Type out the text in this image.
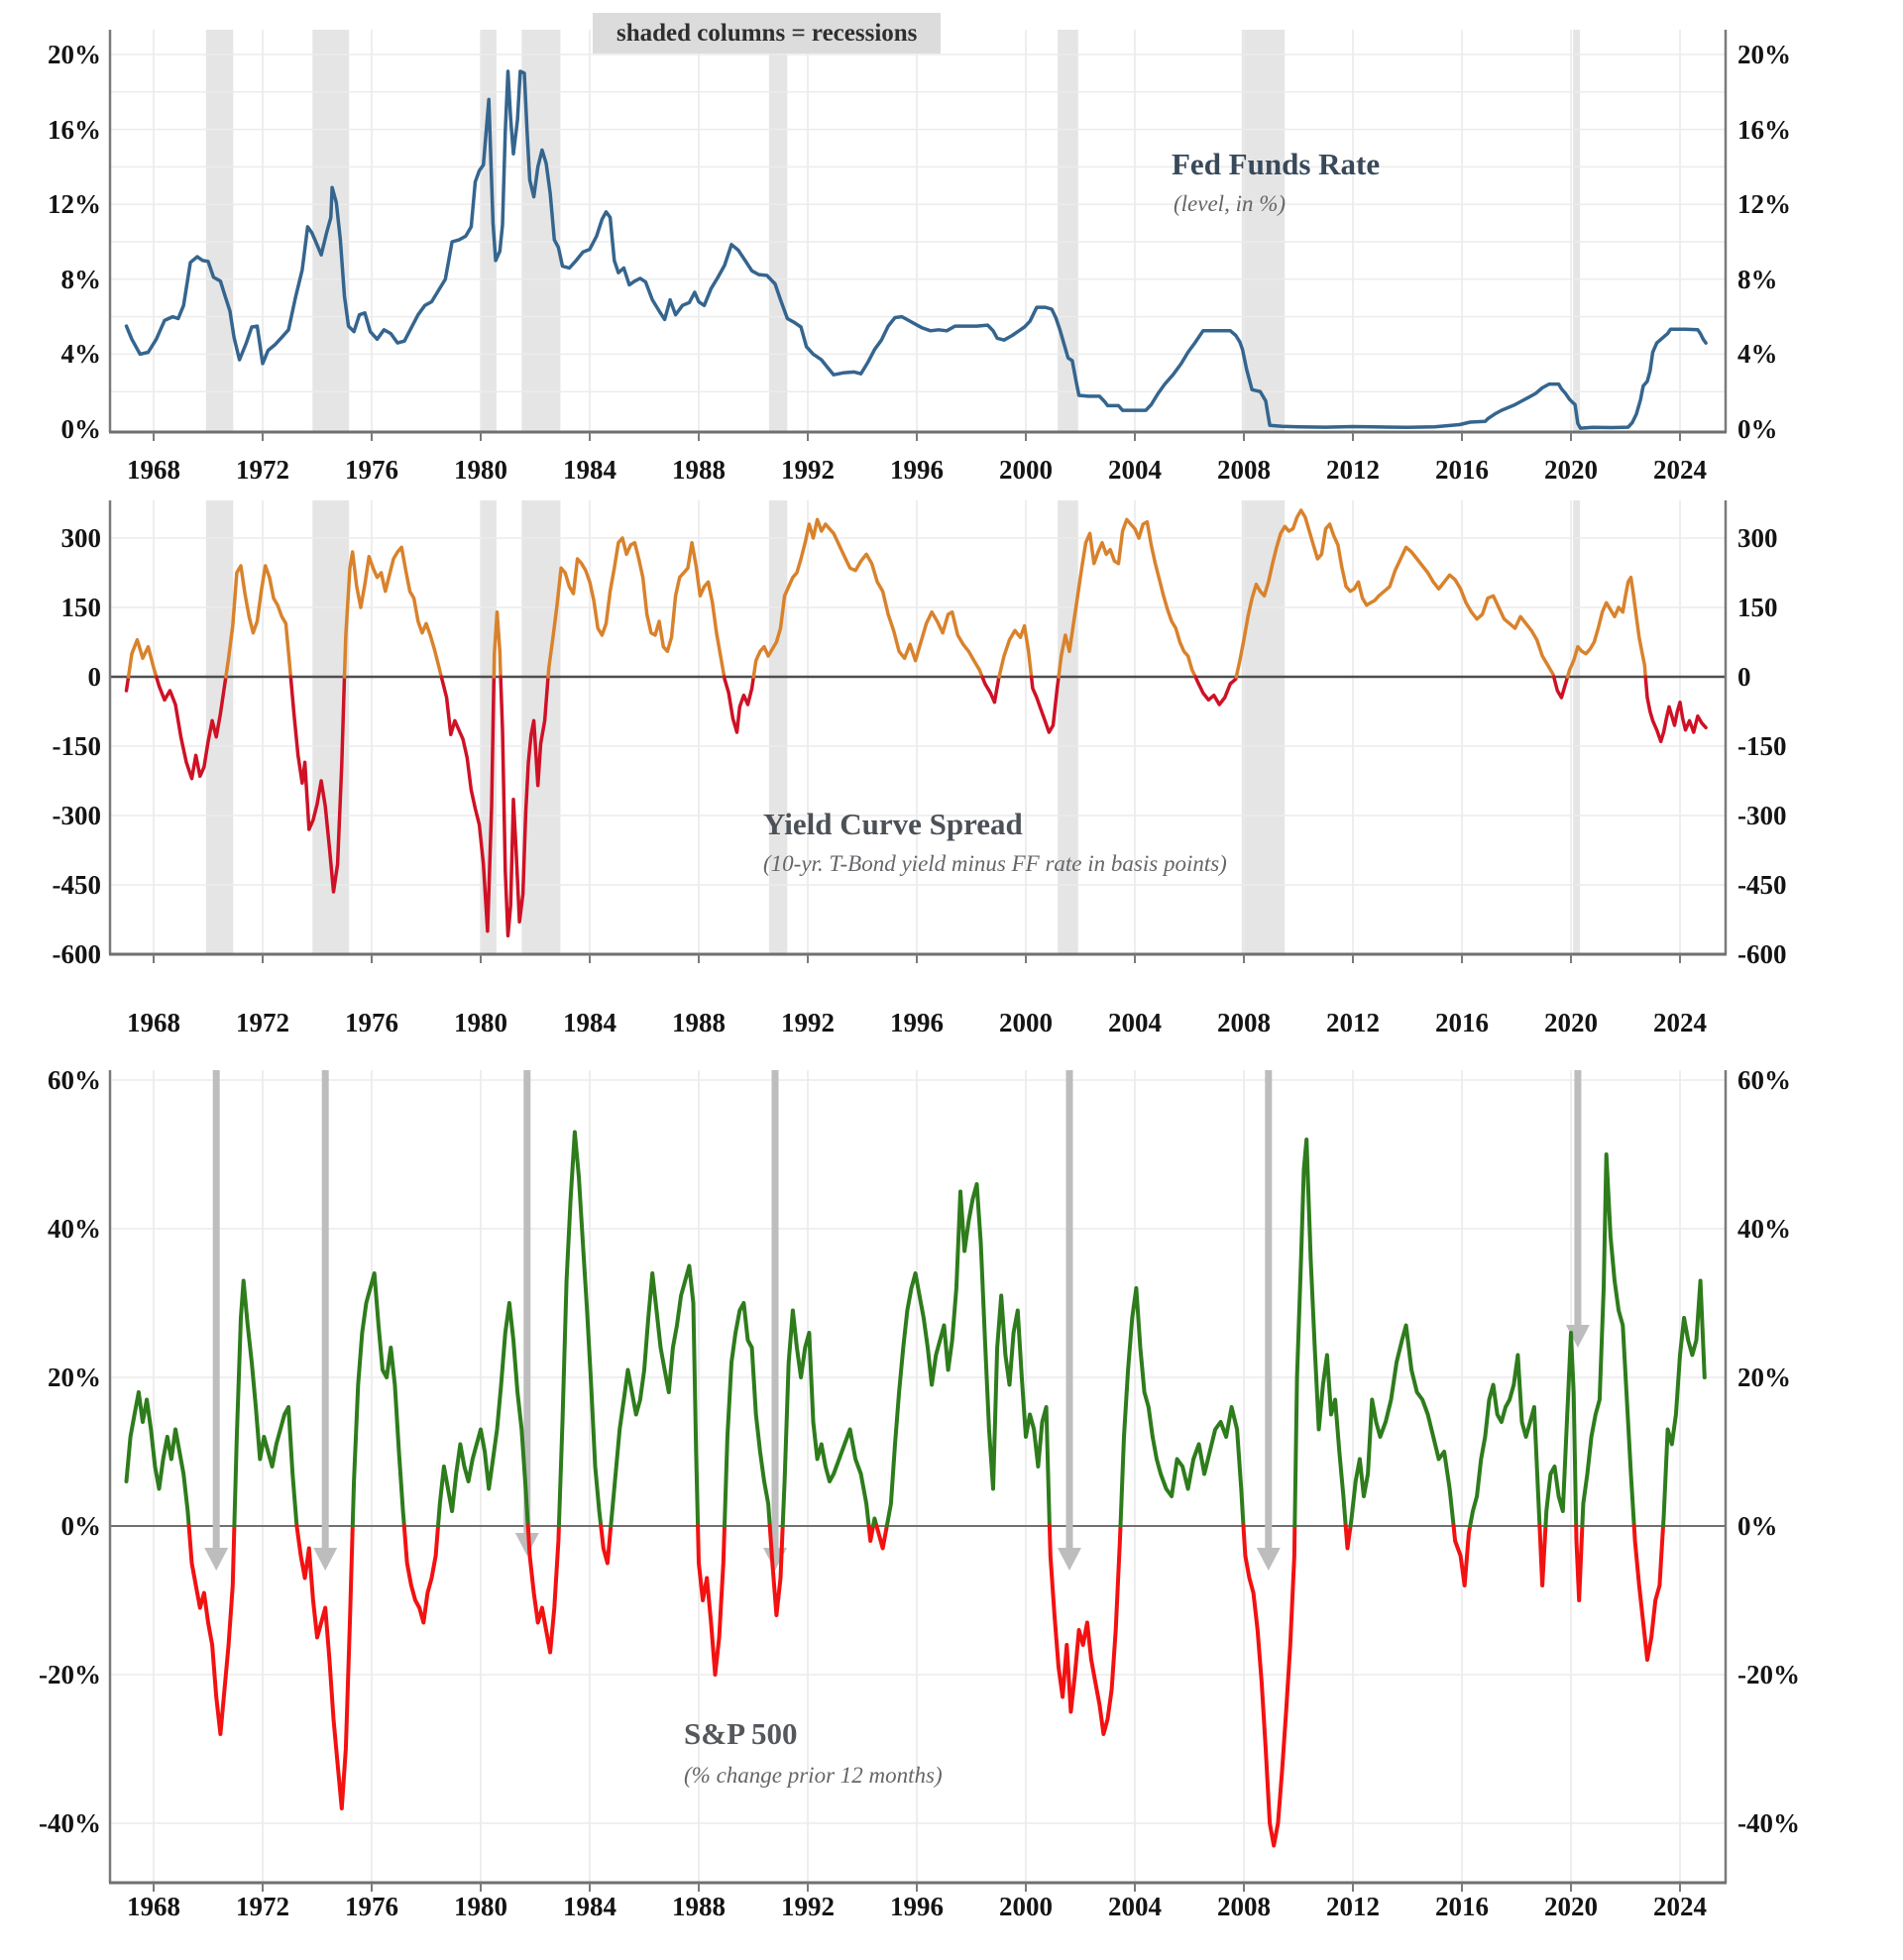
shaded columns = recessions
Fed Funds Rate
(level, in %)
Yield Curve Spread
(10-yr. T-Bond yield minus FF rate in basis points)
S&P 500
(% change prior 12 months)
1968	1972	1976	1980	1984	1988	1992	1996	2000	2004	2008	2012	2016	2020	2024
20%	20%
16%	16%
12%	12%
8%	8%
4%	4%
0%	0%
1968	1972	1976	1980	1984	1988	1992	1996	2000	2004	2008	2012	2016	2020	2024
300	300
150	150
0	0
-150	-150
-300	-300
-450	-450
-600	-600
1968	1972	1976	1980	1984	1988	1992	1996	2000	2004	2008	2012	2016	2020	2024
60%	60%
40%	40%
20%	20%
0%	0%
-20%	-20%
-40%	-40%
